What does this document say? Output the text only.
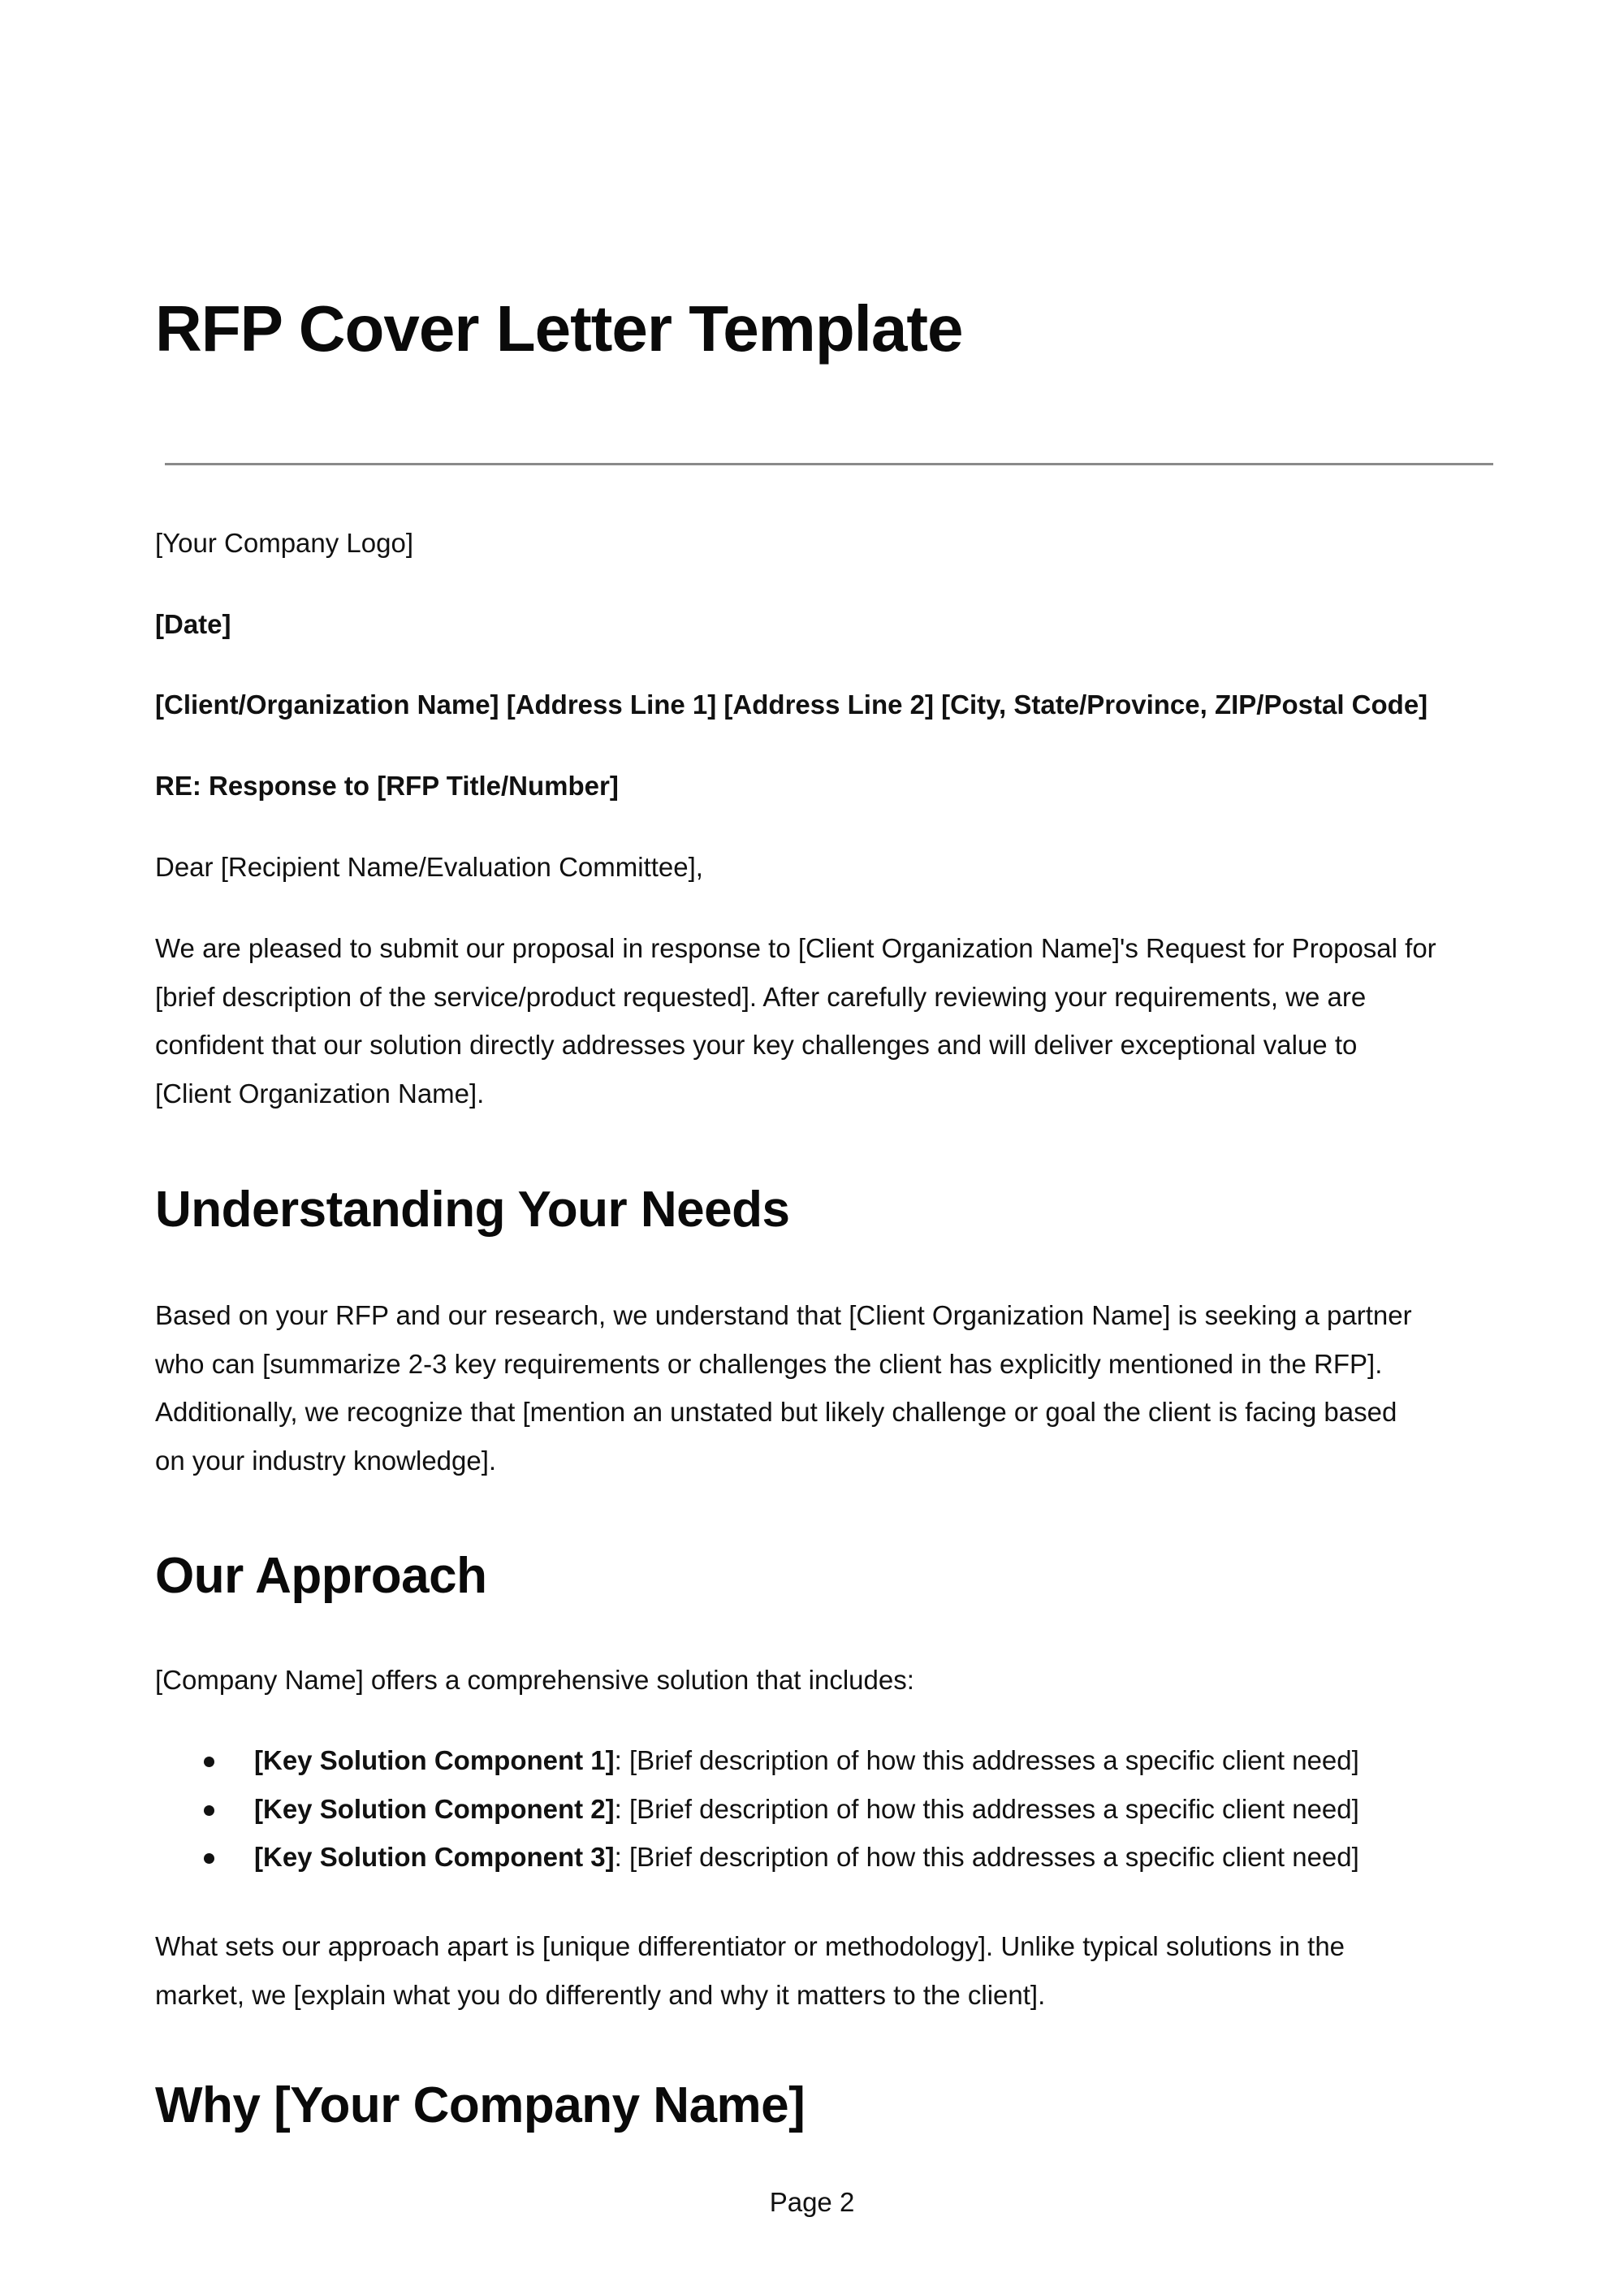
RFP Cover Letter Template
[Your Company Logo]
[Date]
[Client/Organization Name] [Address Line 1] [Address Line 2] [City, State/Province, ZIP/Postal Code]
RE: Response to [RFP Title/Number]
Dear [Recipient Name/Evaluation Committee],
We are pleased to submit our proposal in response to [Client Organization Name]'s Request for Proposal for
[brief description of the service/product requested]. After carefully reviewing your requirements, we are
confident that our solution directly addresses your key challenges and will deliver exceptional value to
[Client Organization Name].
Understanding Your Needs
Based on your RFP and our research, we understand that [Client Organization Name] is seeking a partner
who can [summarize 2-3 key requirements or challenges the client has explicitly mentioned in the RFP].
Additionally, we recognize that [mention an unstated but likely challenge or goal the client is facing based
on your industry knowledge].
Our Approach
[Company Name] offers a comprehensive solution that includes:
[Key Solution Component 1]: [Brief description of how this addresses a specific client need]
[Key Solution Component 2]: [Brief description of how this addresses a specific client need]
[Key Solution Component 3]: [Brief description of how this addresses a specific client need]
What sets our approach apart is [unique differentiator or methodology]. Unlike typical solutions in the
market, we [explain what you do differently and why it matters to the client].
Why [Your Company Name]
Page 2
